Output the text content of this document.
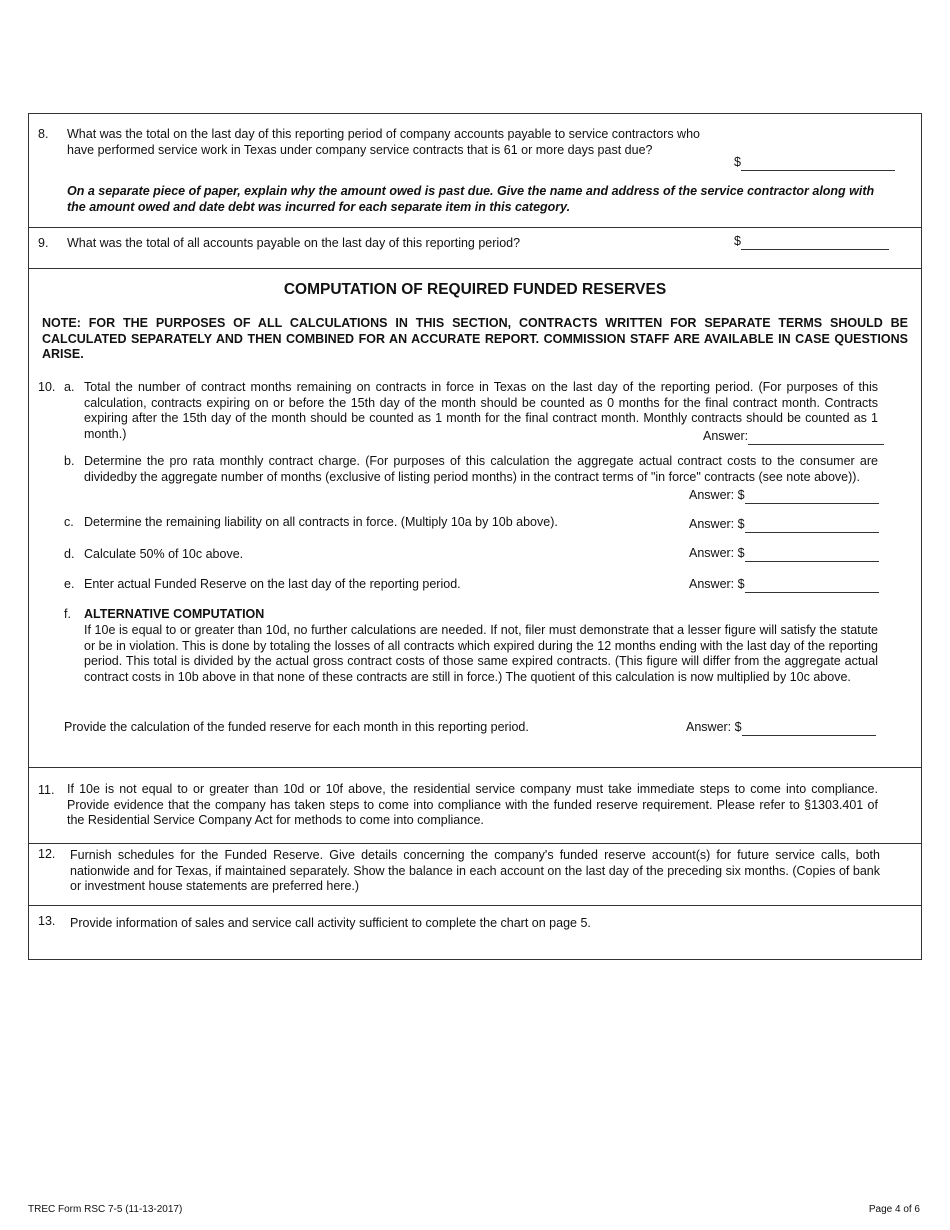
8. What was the total on the last day of this reporting period of company accounts payable to service contractors who have performed service work in Texas under company service contracts that is 61 or more days past due?
$
On a separate piece of paper, explain why the amount owed is past due. Give the name and address of the service contractor along with the amount owed and date debt was incurred for each separate item in this category.
9. What was the total of all accounts payable on the last day of this reporting period?	$
COMPUTATION OF REQUIRED FUNDED RESERVES
NOTE: FOR THE PURPOSES OF ALL CALCULATIONS IN THIS SECTION, CONTRACTS WRITTEN FOR SEPARATE TERMS SHOULD BE CALCULATED SEPARATELY AND THEN COMBINED FOR AN ACCURATE REPORT. COMMISSION STAFF ARE AVAILABLE IN CASE QUESTIONS ARISE.
10. a. Total the number of contract months remaining on contracts in force in Texas on the last day of the reporting period. (For purposes of this calculation, contracts expiring on or before the 15th day of the month should be counted as 0 months for the final contract month. Contracts expiring after the 15th day of the month should be counted as 1 month for the final contract month. Monthly contracts should be counted as 1 month.)	Answer:
b. Determine the pro rata monthly contract charge. (For purposes of this calculation the aggregate actual contract costs to the consumer are dividedby the aggregate number of months (exclusive of listing period months) in the contract terms of "in force" contracts (see note above)).
Answer: $
c. Determine the remaining liability on all contracts in force. (Multiply 10a by 10b above).	Answer: $
d. Calculate 50% of 10c above.	Answer: $
e. Enter actual Funded Reserve on the last day of the reporting period.	Answer: $
f. ALTERNATIVE COMPUTATION
If 10e is equal to or greater than 10d, no further calculations are needed. If not, filer must demonstrate that a lesser figure will satisfy the statute or be in violation. This is done by totaling the losses of all contracts which expired during the 12 months ending with the last day of the reporting period. This total is divided by the actual gross contract costs of those same expired contracts. (This figure will differ from the aggregate actual contract costs in 10b above in that none of these contracts are still in force.) The quotient of this calculation is now multiplied by 10c above.
Provide the calculation of the funded reserve for each month in this reporting period.	Answer: $
11. If 10e is not equal to or greater than 10d or 10f above, the residential service company must take immediate steps to come into compliance. Provide evidence that the company has taken steps to come into compliance with the funded reserve requirement. Please refer to §1303.401 of the Residential Service Company Act for methods to come into compliance.
12. Furnish schedules for the Funded Reserve. Give details concerning the company's funded reserve account(s) for future service calls, both nationwide and for Texas, if maintained separately. Show the balance in each account on the last day of the preceding six months. (Copies of bank or investment house statements are preferred here.)
13. Provide information of sales and service call activity sufficient to complete the chart on page 5.
TREC Form RSC 7-5 (11-13-2017)	Page 4 of 6
